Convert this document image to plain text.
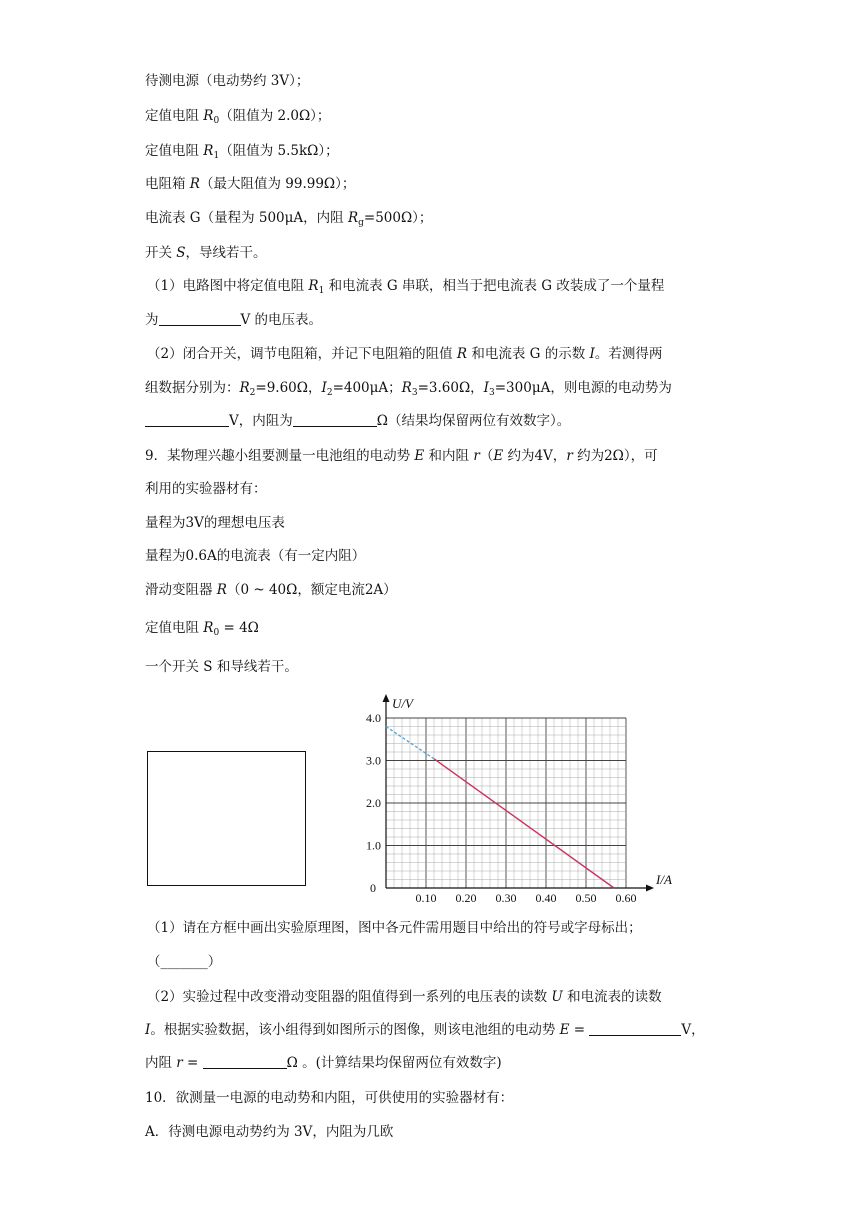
待测电源（电动势约 3V）；
定值电阻 $R_0$（阻值为 2.0Ω）；
定值电阻 $R_1$（阻值为 5.5kΩ）；
电阻箱 R（最大阻值为 99.99Ω）；
电流表 G（量程为 500μA，内阻 $R_g=500\Omega$）；
开关 S，导线若干。
（1）电路图中将定值电阻 $R_1$ 和电流表 G 串联，相当于把电流表 G 改装成了一个量程
为	V 的电压表。
（2）闭合开关，调节电阻箱，并记下电阻箱的阻值 R 和电流表 G 的示数 I。若测得两
组数据分别为：$R_2=9.60\Omega$，$I_2=400\mu A$；$R_3=3.60\Omega$，$I_3=300\mu A$，则电源的电动势为
V，内阻为	Ω（结果均保留两位有效数字）。
9．某物理兴趣小组要测量一电池组的电动势 E 和内阻 r（E 约为4V，r 约为2Ω），可
利用的实验器材有：
量程为3V的理想电压表
量程为0.6A的电流表（有一定内阻）
滑动变阻器 R（0 ~ 40Ω，额定电流2A）
定值电阻 $R_0 = 4\Omega$
一个开关 S 和导线若干。
0.10 0.20 0.30 0.40 0.50 0.60
1.0
2.0
3.0
4.0
0
I/A
U/V
（1）请在方框中画出实验原理图，图中各元件需用题目中给出的符号或字母标出；
（_______）
（2）实验过程中改变滑动变阻器的阻值得到一系列的电压表的读数 U 和电流表的读数
I。根据实验数据，该小组得到如图所示的图像，则该电池组的电动势 E =	V，
内阻 r =	Ω 。(计算结果均保留两位有效数字)
10．欲测量一电源的电动势和内阻，可供使用的实验器材有：
A．待测电源电动势约为 3V，内阻为几欧
